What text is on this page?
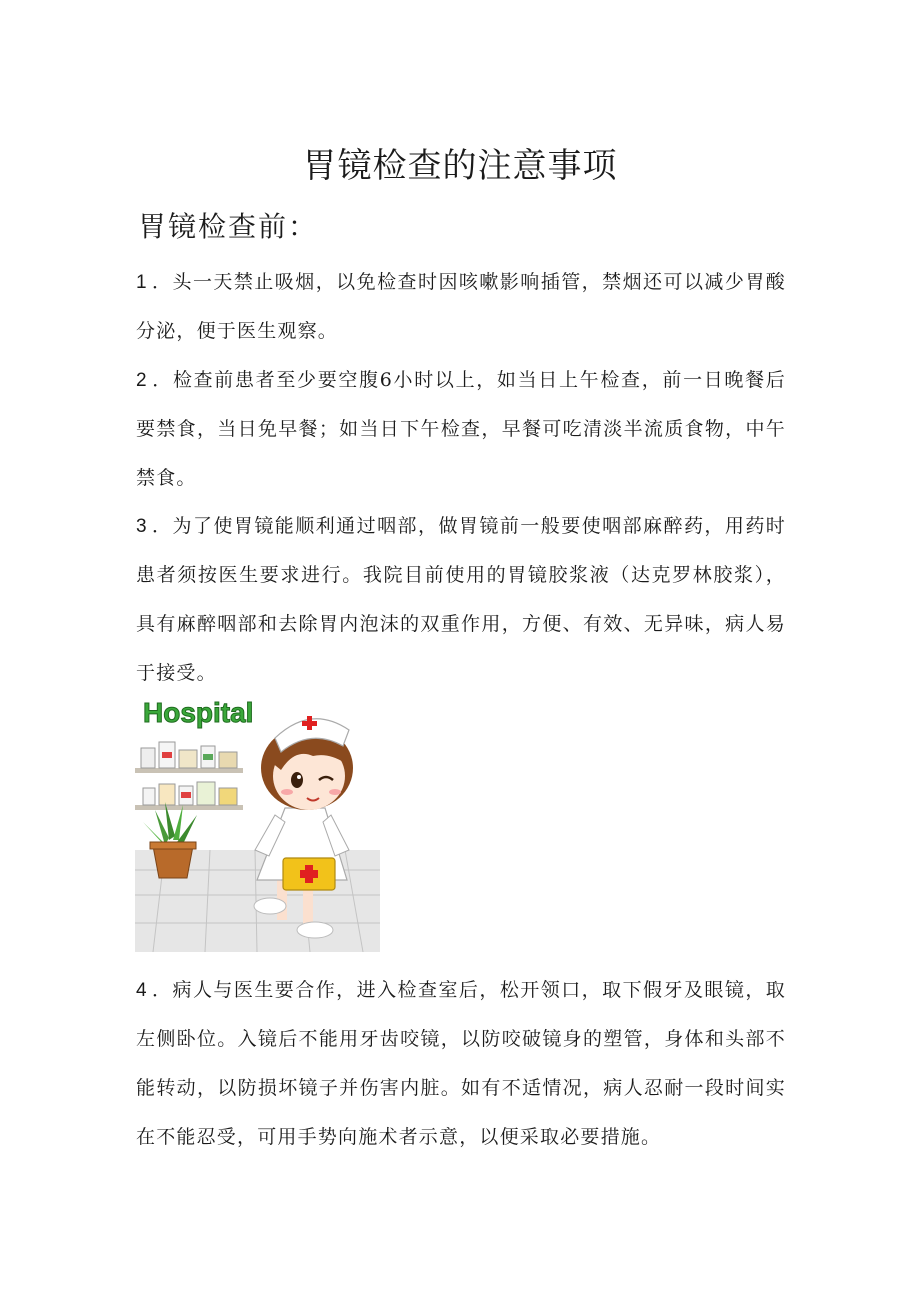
胃镜检查的注意事项
胃镜检查前：

1 ．头一天禁止吸烟，以免检查时因咳嗽影响插管，禁烟还可以减少胃酸分泌，便于医生观察。

2 ．检查前患者至少要空腹6小时以上，如当日上午检查，前一日晚餐后要禁食，当日免早餐；如当日下午检查，早餐可吃清淡半流质食物，中午禁食。

3 ．为了使胃镜能顺利通过咽部，做胃镜前一般要使咽部麻醉药，用药时患者须按医生要求进行。我院目前使用的胃镜胶浆液（达克罗林胶浆），具有麻醉咽部和去除胃内泡沫的双重作用，方便、有效、无异味，病人易于接受。

Hospital

4 ．病人与医生要合作，进入检查室后，松开领口，取下假牙及眼镜，取左侧卧位。入镜后不能用牙齿咬镜，以防咬破镜身的塑管，身体和头部不能转动，以防损坏镜子并伤害内脏。如有不适情况，病人忍耐一段时间实在不能忍受，可用手势向施术者示意，以便采取必要措施。
